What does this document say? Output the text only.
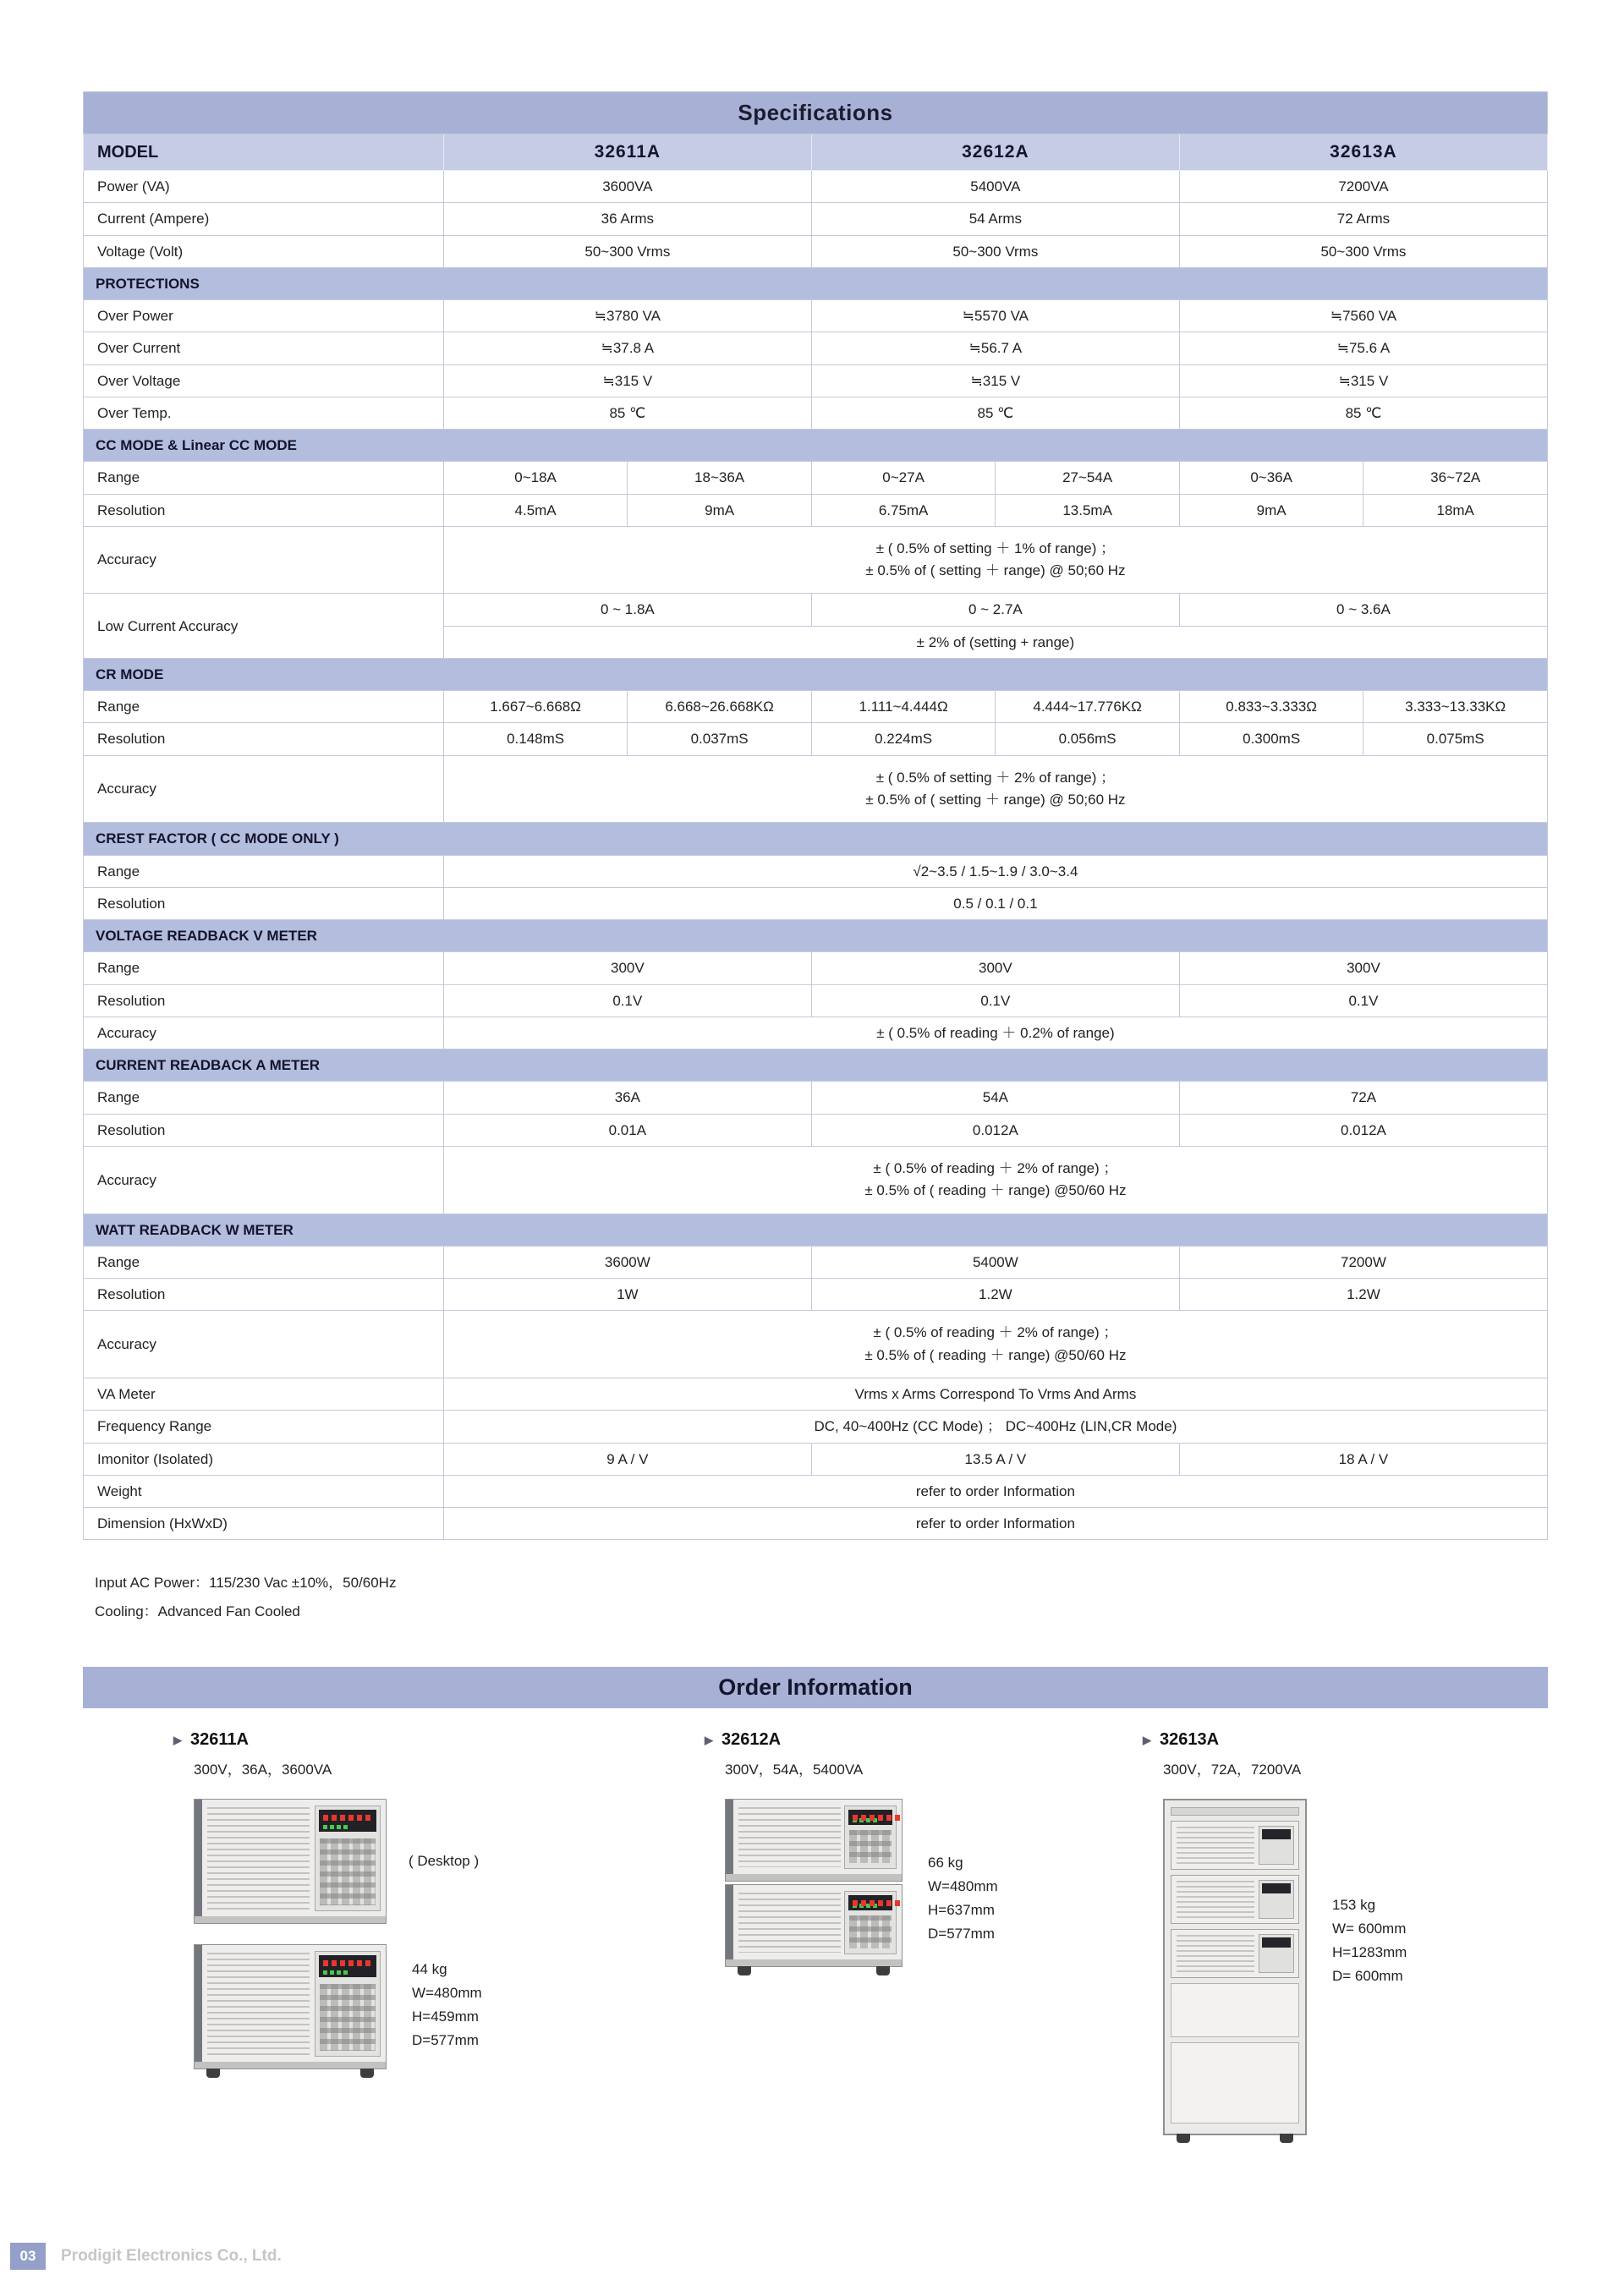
Specifications						
MODEL	32611A		32612A		32613A	
Power (VA)	3600VA		5400VA		7200VA	
Current (Ampere)	36 Arms		54 Arms		72 Arms	
Voltage (Volt)	50~300 Vrms		50~300 Vrms		50~300 Vrms	
PROTECTIONS						
Over Power	≒3780 VA		≒5570 VA		≒7560 VA	
Over Current	≒37.8 A		≒56.7 A		≒75.6 A	
Over Voltage	≒315 V		≒315 V		≒315 V	
Over Temp.	85 ℃		85 ℃		85 ℃	
CC MODE & Linear CC MODE						
Range	0~18A	18~36A	0~27A	27~54A	0~36A	36~72A
Resolution	4.5mA	9mA	6.75mA	13.5mA	9mA	18mA
Accuracy	± ( 0.5% of setting ＋ 1% of range) ；
± 0.5% of ( setting ＋ range) @ 50;60 Hz					
Low Current Accuracy	0 ~ 1.8A		0 ~ 2.7A		0 ~ 3.6A	
	± 2% of (setting + range)					
CR MODE						
Range	1.667~6.668Ω	6.668~26.668KΩ	1.111~4.444Ω	4.444~17.776KΩ	0.833~3.333Ω	3.333~13.33KΩ
Resolution	0.148mS	0.037mS	0.224mS	0.056mS	0.300mS	0.075mS
Accuracy	± ( 0.5% of setting ＋ 2% of range) ；
± 0.5% of ( setting ＋ range) @ 50;60 Hz					
CREST FACTOR ( CC MODE ONLY )						
Range	√2~3.5 / 1.5~1.9 / 3.0~3.4					
Resolution	0.5 / 0.1 / 0.1					
VOLTAGE READBACK V METER						
Range	300V		300V		300V	
Resolution	0.1V		0.1V		0.1V	
Accuracy	± ( 0.5% of reading ＋ 0.2% of range)					
CURRENT READBACK A METER						
Range	36A		54A		72A	
Resolution	0.01A		0.012A		0.012A	
Accuracy	± ( 0.5% of reading ＋ 2% of range) ；
± 0.5% of ( reading ＋ range) @50/60 Hz					
WATT READBACK W METER						
Range	3600W		5400W		7200W	
Resolution	1W		1.2W		1.2W	
Accuracy	± ( 0.5% of reading ＋ 2% of range) ；
± 0.5% of ( reading ＋ range) @50/60 Hz					
VA Meter	Vrms x Arms Correspond To Vrms And Arms					
Frequency Range	DC, 40~400Hz (CC Mode) ； DC~400Hz (LIN,CR Mode)					
Imonitor (Isolated)	9 A / V		13.5 A / V		18 A / V	
Weight	refer to order Information					
Dimension (HxWxD)	refer to order Information					
Input AC Power：115/230 Vac ±10%，50/60Hz
Cooling：Advanced Fan Cooled
Order Information
▶ 32611A
300V，36A，3600VA
( Desktop )
44 kg
W=480mm
H=459mm
D=577mm
▶ 32612A
300V，54A，5400VA
66 kg
W=480mm
H=637mm
D=577mm
▶ 32613A
300V，72A，7200VA
153 kg
W= 600mm
H=1283mm
D= 600mm
03	Prodigit Electronics Co., Ltd.
